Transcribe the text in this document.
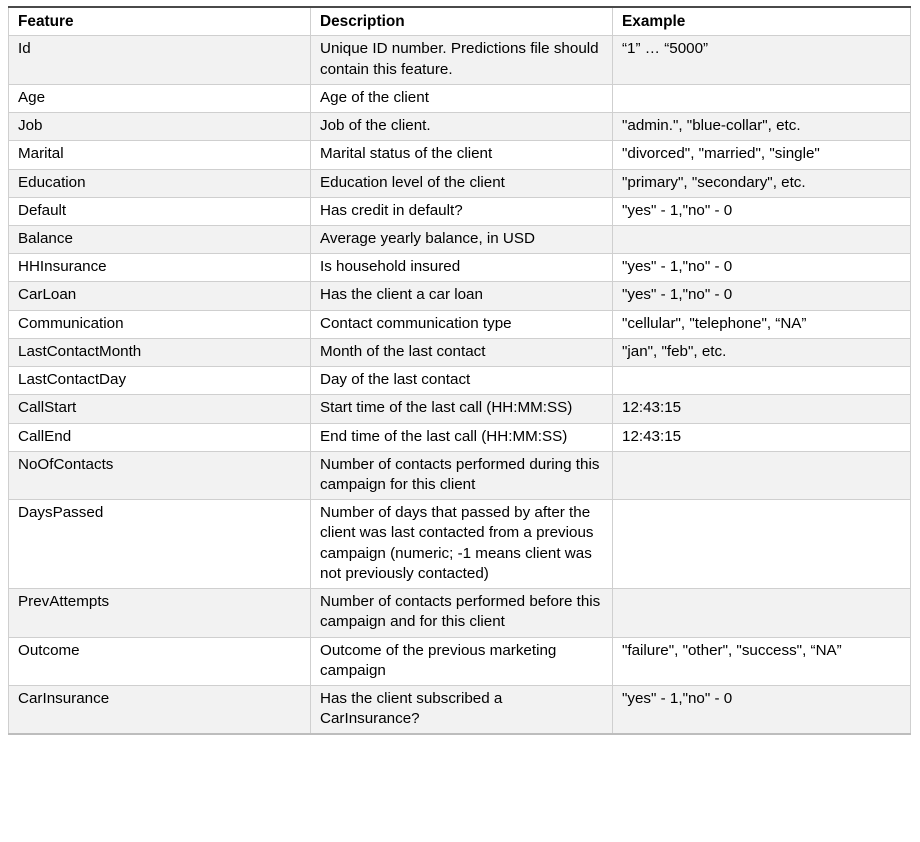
Feature	Description	Example

Id	Unique ID number. Predictions file should contain this feature.	“1” … “5000”

Age	Age of the client	

Job	Job of the client.	"admin.", "blue-collar", etc.

Marital	Marital status of the client	"divorced", "married", "single"

Education	Education level of the client	"primary", "secondary", etc.

Default	Has credit in default?	"yes" - 1,"no" - 0

Balance	Average yearly balance, in USD	

HHInsurance	Is household insured	"yes" - 1,"no" - 0

CarLoan	Has the client a car loan	"yes" - 1,"no" - 0

Communication	Contact communication type	"cellular", "telephone", “NA”

LastContactMonth	Month of the last contact	"jan", "feb", etc.

LastContactDay	Day of the last contact	

CallStart	Start time of the last call (HH:MM:SS)	12:43:15

CallEnd	End time of the last call (HH:MM:SS)	12:43:15

NoOfContacts	Number of contacts performed during this campaign for this client	

DaysPassed	Number of days that passed by after the client was last contacted from a previous campaign (numeric; -1 means client was not previously contacted)	

PrevAttempts	Number of contacts performed before this campaign and for this client	

Outcome	Outcome of the previous marketing campaign	"failure", "other", "success", “NA”

CarInsurance	Has the client subscribed a CarInsurance?	"yes" - 1,"no" - 0
